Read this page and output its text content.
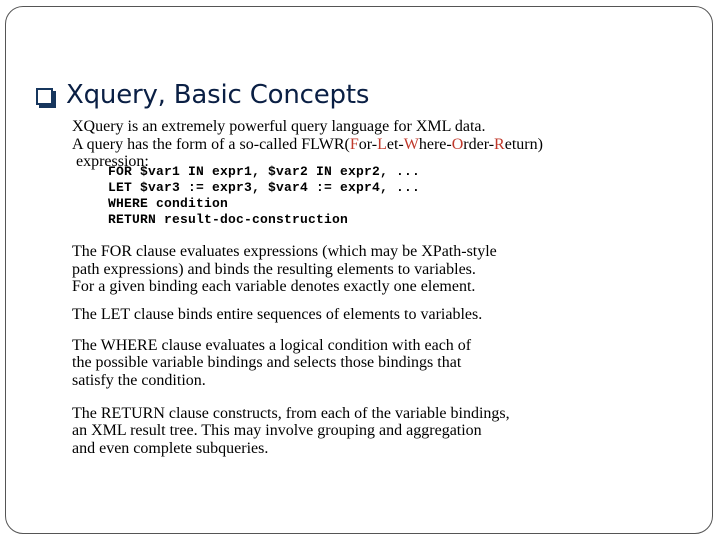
Xquery, Basic Concepts
XQuery is an extremely powerful query language for XML data.
A query has the form of a so-called FLWR(For-Let-Where-Order-Return)
expression:
FOR $var1 IN expr1, $var2 IN expr2, ...
LET $var3 := expr3, $var4 := expr4, ...
WHERE condition
RETURN result-doc-construction
The FOR clause evaluates expressions (which may be XPath-style
path expressions) and binds the resulting elements to variables.
For a given binding each variable denotes exactly one element.
The LET clause binds entire sequences of elements to variables.
The WHERE clause evaluates a logical condition with each of
the possible variable bindings and selects those bindings that
satisfy the condition.
The RETURN clause constructs, from each of the variable bindings,
an XML result tree. This may involve grouping and aggregation
and even complete subqueries.
